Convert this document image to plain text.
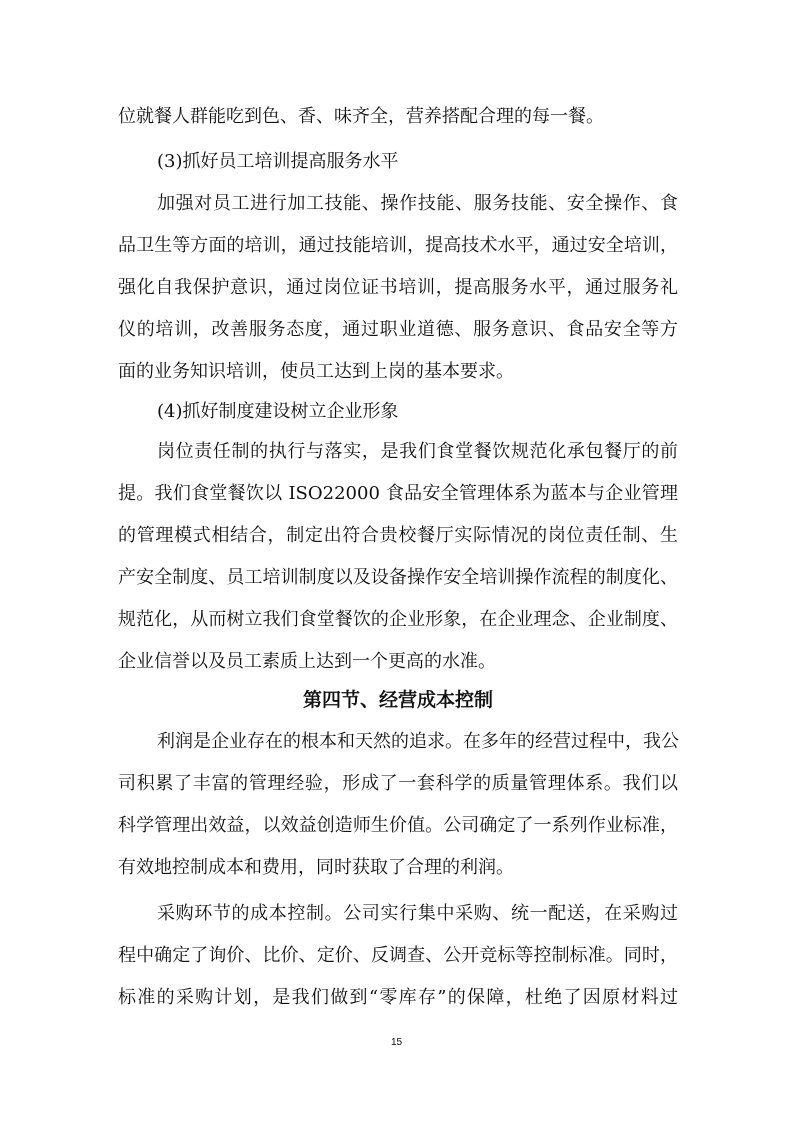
位就餐人群能吃到色、香、味齐全，营养搭配合理的每一餐。
(3)抓好员工培训提高服务水平
加强对员工进行加工技能、操作技能、服务技能、安全操作、食
品卫生等方面的培训，通过技能培训，提高技术水平，通过安全培训，
强化自我保护意识，通过岗位证书培训，提高服务水平，通过服务礼
仪的培训，改善服务态度，通过职业道德、服务意识、食品安全等方
面的业务知识培训，使员工达到上岗的基本要求。
(4)抓好制度建设树立企业形象
岗位责任制的执行与落实，是我们食堂餐饮规范化承包餐厅的前
提。我们食堂餐饮以 ISO22000 食品安全管理体系为蓝本与企业管理
的管理模式相结合，制定出符合贵校餐厅实际情况的岗位责任制、生
产安全制度、员工培训制度以及设备操作安全培训操作流程的制度化、
规范化，从而树立我们食堂餐饮的企业形象，在企业理念、企业制度、
企业信誉以及员工素质上达到一个更高的水准。
第四节、经营成本控制
利润是企业存在的根本和天然的追求。在多年的经营过程中，我公
司积累了丰富的管理经验，形成了一套科学的质量管理体系。我们以
科学管理出效益，以效益创造师生价值。公司确定了一系列作业标准，
有效地控制成本和费用，同时获取了合理的利润。
采购环节的成本控制。公司实行集中采购、统一配送，在采购过
程中确定了询价、比价、定价、反调查、公开竞标等控制标准。同时，
标准的采购计划，是我们做到“零库存”的保障，杜绝了因原材料过
15
